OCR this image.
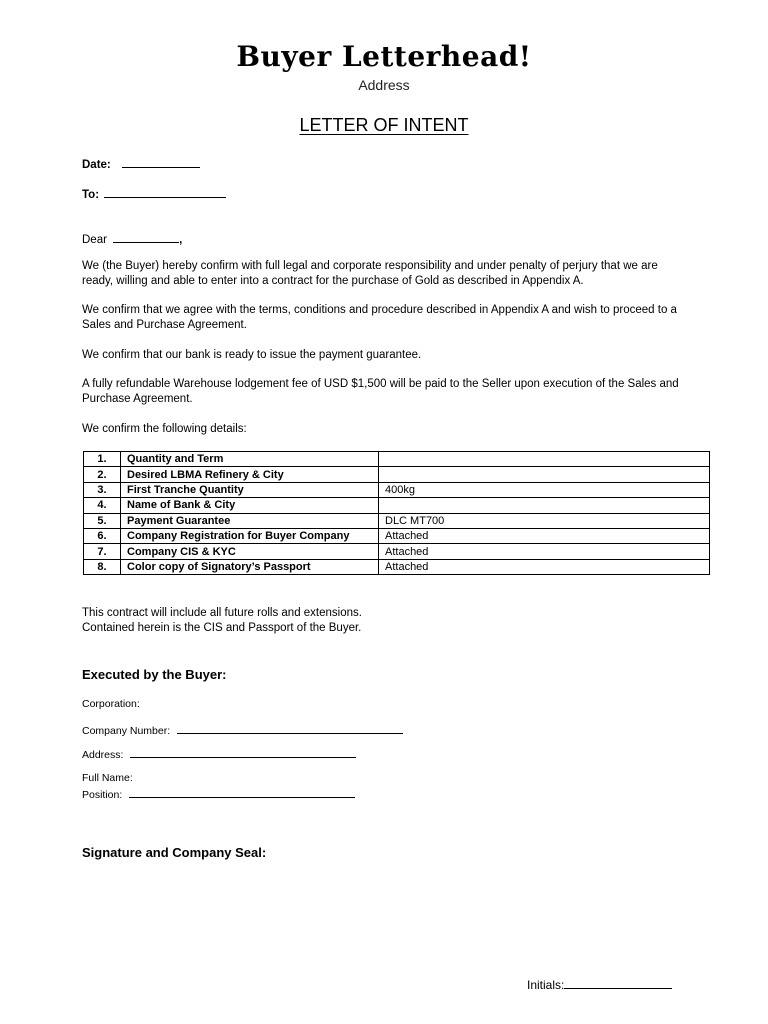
Buyer Letterhead!
Address
LETTER OF INTENT
Date:
To:
Dear	,
We (the Buyer) hereby confirm with full legal and corporate responsibility and under penalty of perjury that we are ready, willing and able to enter into a contract for the purchase of Gold as described in Appendix A.
We confirm that we agree with the terms, conditions and procedure described in Appendix A and wish to proceed to a Sales and Purchase Agreement.
We confirm that our bank is ready to issue the payment guarantee.
A fully refundable Warehouse lodgement fee of USD $1,500 will be paid to the Seller upon execution of the Sales and Purchase Agreement.
We confirm the following details:
1.	Quantity and Term	
2.	Desired LBMA Refinery & City	
3.	First Tranche Quantity	400kg
4.	Name of Bank & City	
5.	Payment Guarantee	DLC MT700
6.	Company Registration for Buyer Company	Attached
7.	Company CIS & KYC	Attached
8.	Color copy of Signatory’s Passport	Attached
This contract will include all future rolls and extensions.
Contained herein is the CIS and Passport of the Buyer.
Executed by the Buyer:
Corporation:
Company Number:
Address:
Full Name:
Position:
Signature and Company Seal:
Initials:
